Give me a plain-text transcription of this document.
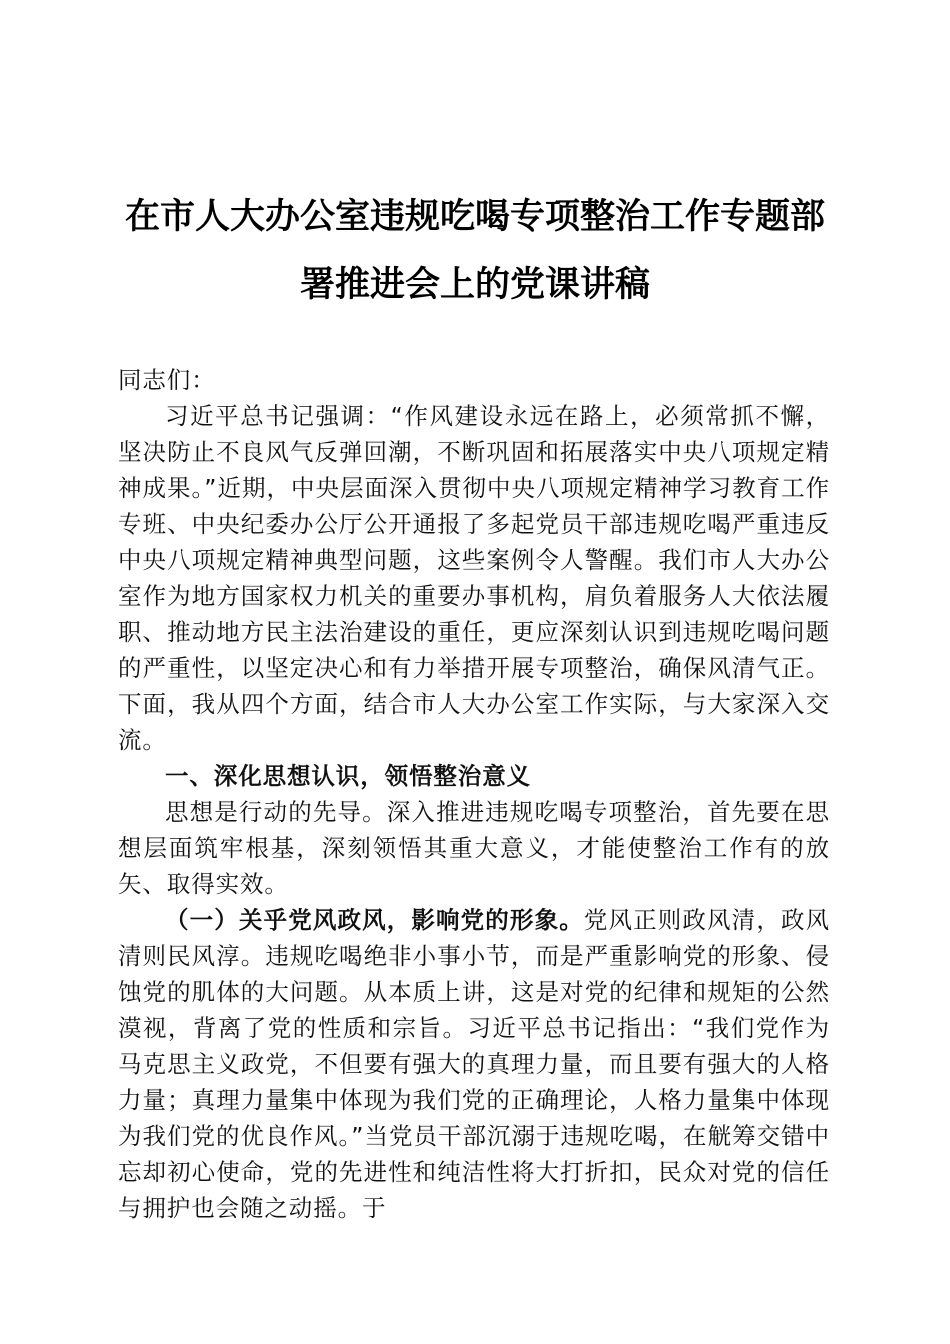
在市人大办公室违规吃喝专项整治工作专题部
署推进会上的党课讲稿

同志们：

习近平总书记强调：“作风建设永远在路上，必须常抓不懈，坚决防止不良风气反弹回潮，不断巩固和拓展落实中央八项规定精神成果。”近期，中央层面深入贯彻中央八项规定精神学习教育工作专班、中央纪委办公厅公开通报了多起党员干部违规吃喝严重违反中央八项规定精神典型问题，这些案例令人警醒。我们市人大办公室作为地方国家权力机关的重要办事机构，肩负着服务人大依法履职、推动地方民主法治建设的重任，更应深刻认识到违规吃喝问题的严重性，以坚定决心和有力举措开展专项整治，确保风清气正。下面，我从四个方面，结合市人大办公室工作实际，与大家深入交流。

一、深化思想认识，领悟整治意义

思想是行动的先导。深入推进违规吃喝专项整治，首先要在思想层面筑牢根基，深刻领悟其重大意义，才能使整治工作有的放矢、取得实效。

（一）关乎党风政风，影响党的形象。党风正则政风清，政风清则民风淳。违规吃喝绝非小事小节，而是严重影响党的形象、侵蚀党的肌体的大问题。从本质上讲，这是对党的纪律和规矩的公然漠视，背离了党的性质和宗旨。习近平总书记指出：“我们党作为马克思主义政党，不但要有强大的真理力量，而且要有强大的人格力量；真理力量集中体现为我们党的正确理论，人格力量集中体现为我们党的优良作风。”当党员干部沉溺于违规吃喝，在觥筹交错中忘却初心使命，党的先进性和纯洁性将大打折扣，民众对党的信任与拥护也会随之动摇。于
